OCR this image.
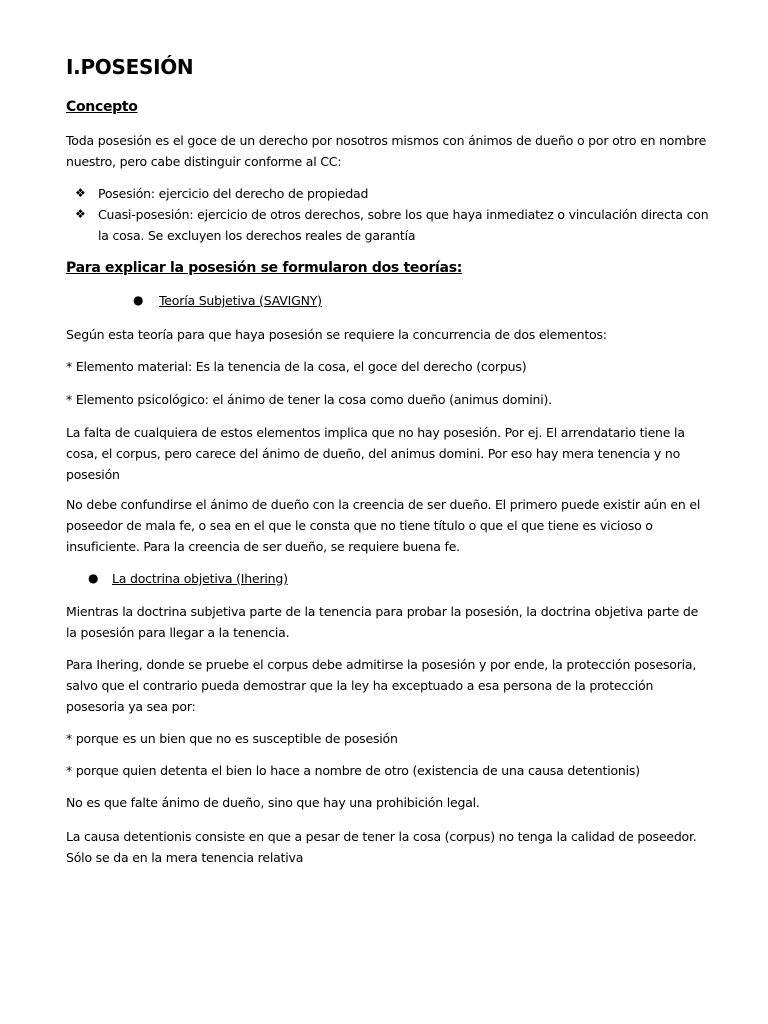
I.POSESIÓN

Concepto

Toda posesión es el goce de un derecho por nosotros mismos con ánimos de dueño o por otro en nombre nuestro, pero cabe distinguir conforme al CC:

❖ Posesión: ejercicio del derecho de propiedad

❖ Cuasi-posesión: ejercicio de otros derechos, sobre los que haya inmediatez o vinculación directa con la cosa. Se excluyen los derechos reales de garantía

Para explicar la posesión se formularon dos teorías:

● Teoría Subjetiva (SAVIGNY)

Según esta teoría para que haya posesión se requiere la concurrencia de dos elementos:

* Elemento material: Es la tenencia de la cosa, el goce del derecho (corpus)

* Elemento psicológico: el ánimo de tener la cosa como dueño (animus domini).

La falta de cualquiera de estos elementos implica que no hay posesión. Por ej. El arrendatario tiene la cosa, el corpus, pero carece del ánimo de dueño, del animus domini. Por eso hay mera tenencia y no posesión

No debe confundirse el ánimo de dueño con la creencia de ser dueño. El primero puede existir aún en el poseedor de mala fe, o sea en el que le consta que no tiene título o que el que tiene es vicioso o insuficiente. Para la creencia de ser dueño, se requiere buena fe.

● La doctrina objetiva (Ihering)

Mientras la doctrina subjetiva parte de la tenencia para probar la posesión, la doctrina objetiva parte de la posesión para llegar a la tenencia.

Para Ihering, donde se pruebe el corpus debe admitirse la posesión y por ende, la protección posesoria, salvo que el contrario pueda demostrar que la ley ha exceptuado a esa persona de la protección posesoria ya sea por:

* porque es un bien que no es susceptible de posesión

* porque quien detenta el bien lo hace a nombre de otro (existencia de una causa detentionis)

No es que falte ánimo de dueño, sino que hay una prohibición legal.

La causa detentionis consiste en que a pesar de tener la cosa (corpus) no tenga la calidad de poseedor. Sólo se da en la mera tenencia relativa
